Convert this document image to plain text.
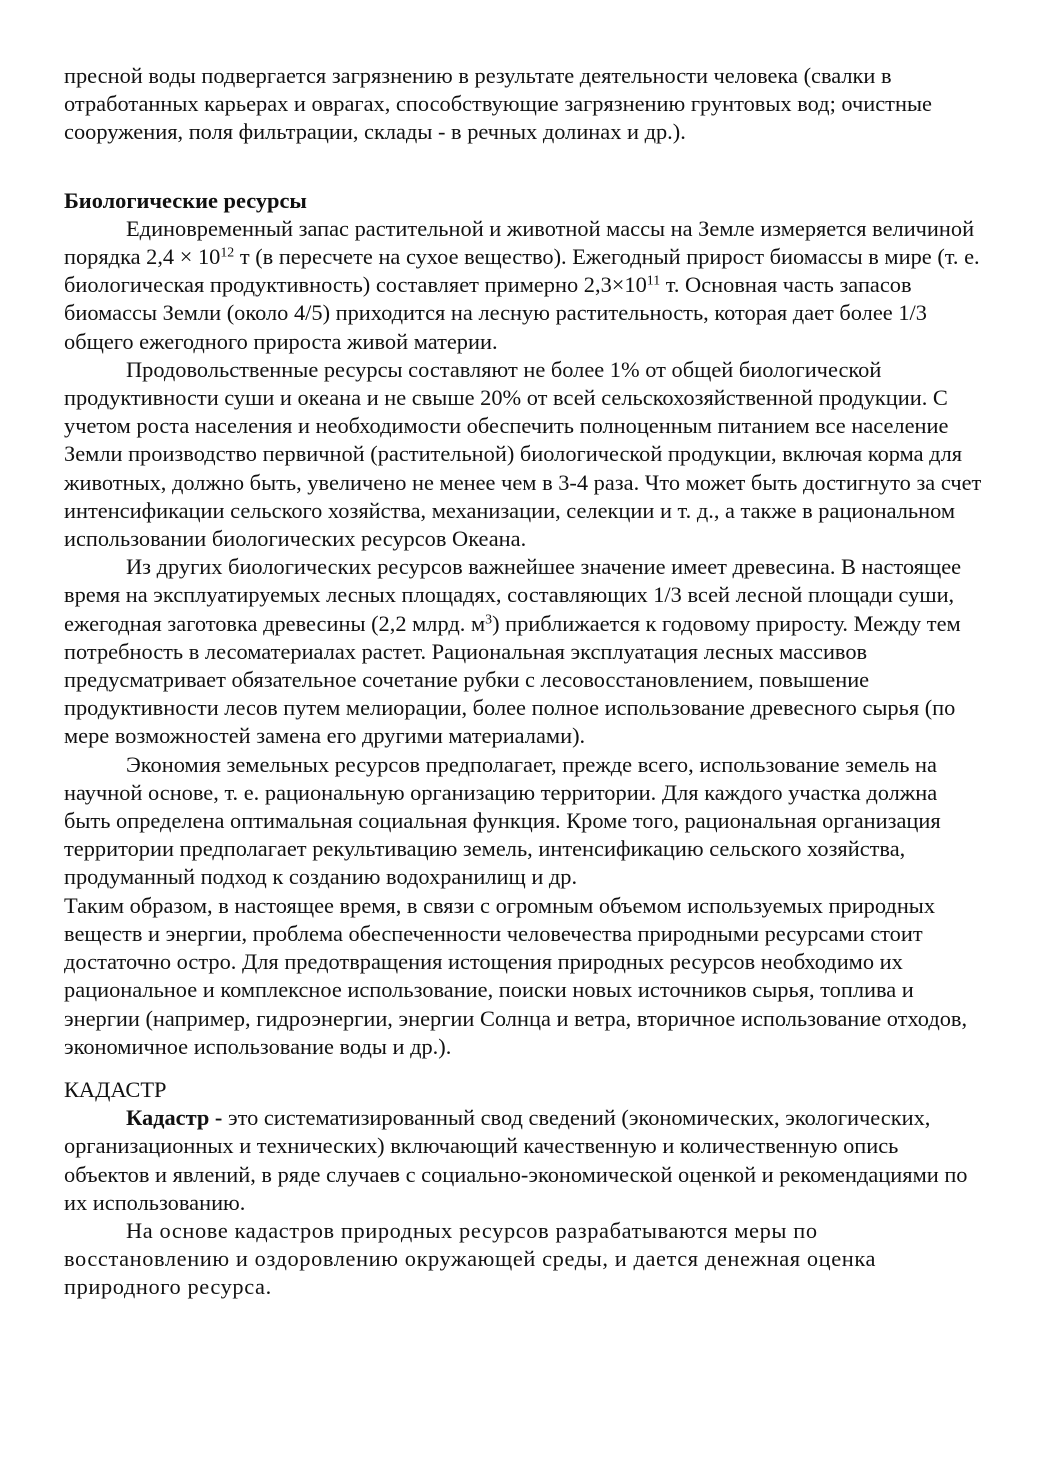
пресной воды подвергается загрязнению в результате деятельности человека (свалки в отработанных карьерах и оврагах, способствующие загрязнению грунтовых вод; очистные сооружения, поля фильтрации, склады - в речных долинах и др.).

Биологические ресурсы

Единовременный запас растительной и животной массы на Земле измеряется величиной порядка $2,4 \times 10^{12}$ т (в пересчете на сухое вещество). Ежегодный прирост биомассы в мире (т. е. биологическая продуктивность) составляет примерно $2,3\times 10^{11}$ т. Основная часть запасов биомассы Земли (около 4/5) приходится на лесную растительность, которая дает более 1/3 общего ежегодного прироста живой материи.

Продовольственные ресурсы составляют не более 1% от общей биологической продуктивности суши и океана и не свыше 20% от всей сельскохозяйственной продукции. С учетом роста населения и необходимости обеспечить полноценным питанием все население Земли производство первичной (растительной) биологической продукции, включая корма для животных, должно быть, увеличено не менее чем в 3-4 раза. Что может быть достигнуто за счет интенсификации сельского хозяйства, механизации, селекции и т. д., а также в рациональном использовании биологических ресурсов Океана.

Из других биологических ресурсов важнейшее значение имеет древесина. В настоящее время на эксплуатируемых лесных площадях, составляющих 1/3 всей лесной площади суши, ежегодная заготовка древесины (2,2 млрд. $м^3$) приближается к годовому приросту. Между тем потребность в лесоматериалах растет. Рациональная эксплуатация лесных массивов предусматривает обязательное сочетание рубки с лесовосстановлением, повышение продуктивности лесов путем мелиорации, более полное использование древесного сырья (по мере возможностей замена его другими материалами).

Экономия земельных ресурсов предполагает, прежде всего, использование земель на научной основе, т. е. рациональную организацию территории. Для каждого участка должна быть определена оптимальная социальная функция. Кроме того, рациональная организация территории предполагает рекультивацию земель, интенсификацию сельского хозяйства, продуманный подход к созданию водохранилищ и др.

Таким образом, в настоящее время, в связи с огромным объемом используемых природных веществ и энергии, проблема обеспеченности человечества природными ресурсами стоит достаточно остро. Для предотвращения истощения природных ресурсов необходимо их рациональное и комплексное использование, поиски новых источников сырья, топлива и энергии (например, гидроэнергии, энергии Солнца и ветра, вторичное использование отходов, экономичное использование воды и др.).

КАДАСТР

Кадастр - это систематизированный свод сведений (экономических, экологических, организационных и технических) включающий качественную и количественную опись объектов и явлений, в ряде случаев с социально-экономической оценкой и рекомендациями по их использованию.

На основе кадастров природных ресурсов разрабатываются меры по восстановлению и оздоровлению окружающей среды, и дается денежная оценка природного ресурса.
